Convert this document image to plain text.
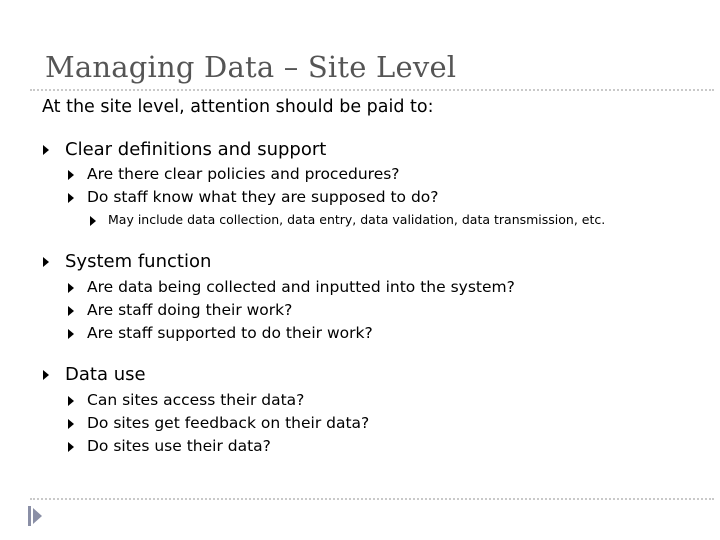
Managing Data – Site Level
At the site level, attention should be paid to:
Clear definitions and support
Are there clear policies and procedures?
Do staff know what they are supposed to do?
May include data collection, data entry, data validation, data transmission, etc.
System function
Are data being collected and inputted into the system?
Are staff doing their work?
Are staff supported to do their work?
Data use
Can sites access their data?
Do sites get feedback on their data?
Do sites use their data?
